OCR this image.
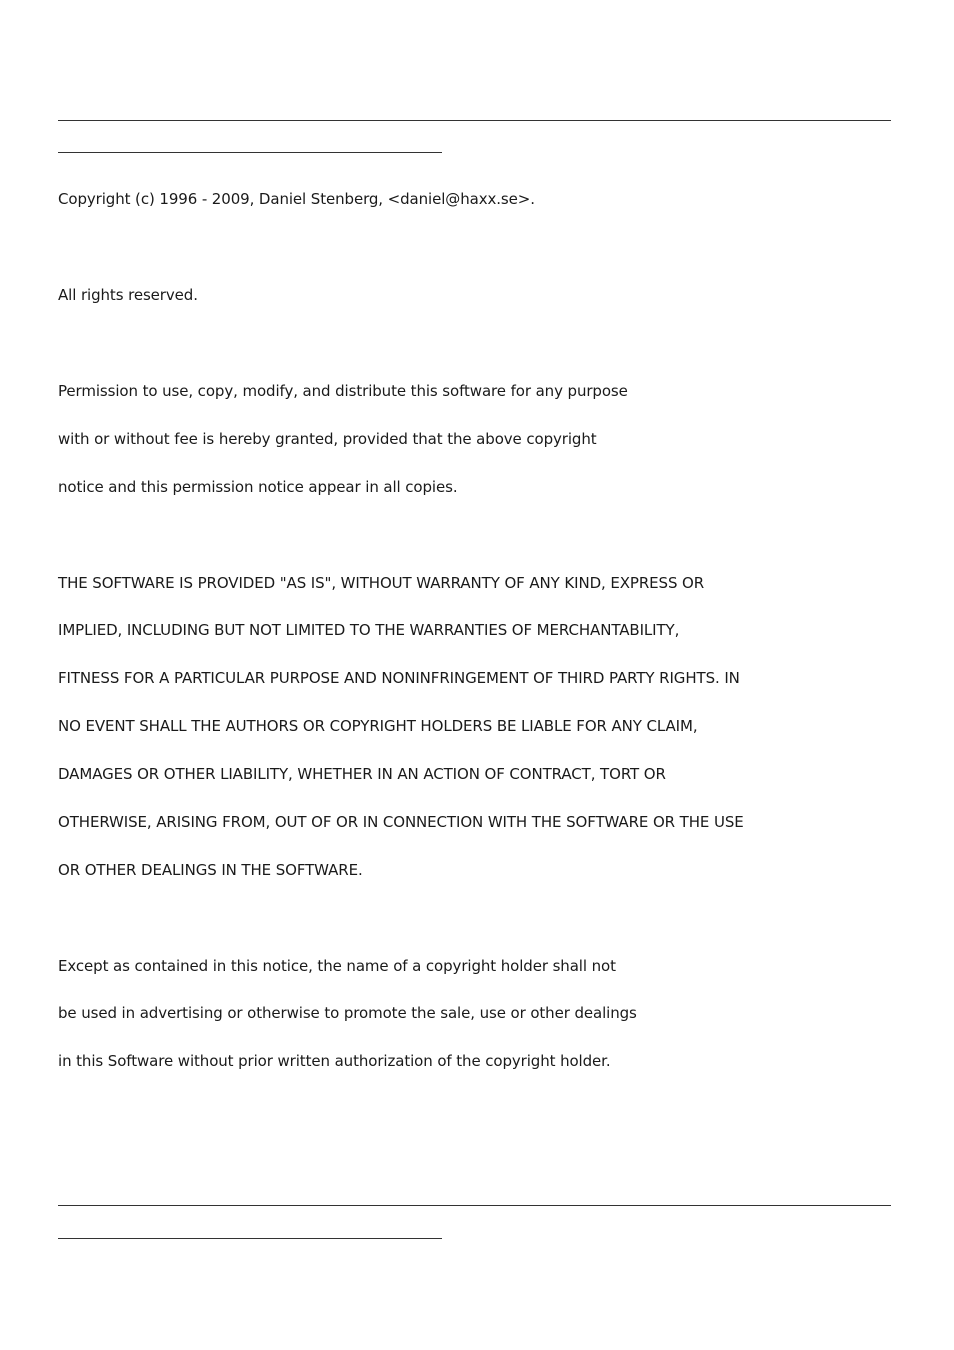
Copyright (c) 1996 - 2009, Daniel Stenberg, <daniel@haxx.se>.
All rights reserved.
Permission to use, copy, modify, and distribute this software for any purpose
with or without fee is hereby granted, provided that the above copyright
notice and this permission notice appear in all copies.
THE SOFTWARE IS PROVIDED "AS IS", WITHOUT WARRANTY OF ANY KIND, EXPRESS OR
IMPLIED, INCLUDING BUT NOT LIMITED TO THE WARRANTIES OF MERCHANTABILITY,
FITNESS FOR A PARTICULAR PURPOSE AND NONINFRINGEMENT OF THIRD PARTY RIGHTS. IN
NO EVENT SHALL THE AUTHORS OR COPYRIGHT HOLDERS BE LIABLE FOR ANY CLAIM,
DAMAGES OR OTHER LIABILITY, WHETHER IN AN ACTION OF CONTRACT, TORT OR
OTHERWISE, ARISING FROM, OUT OF OR IN CONNECTION WITH THE SOFTWARE OR THE USE
OR OTHER DEALINGS IN THE SOFTWARE.
Except as contained in this notice, the name of a copyright holder shall not
be used in advertising or otherwise to promote the sale, use or other dealings
in this Software without prior written authorization of the copyright holder.
